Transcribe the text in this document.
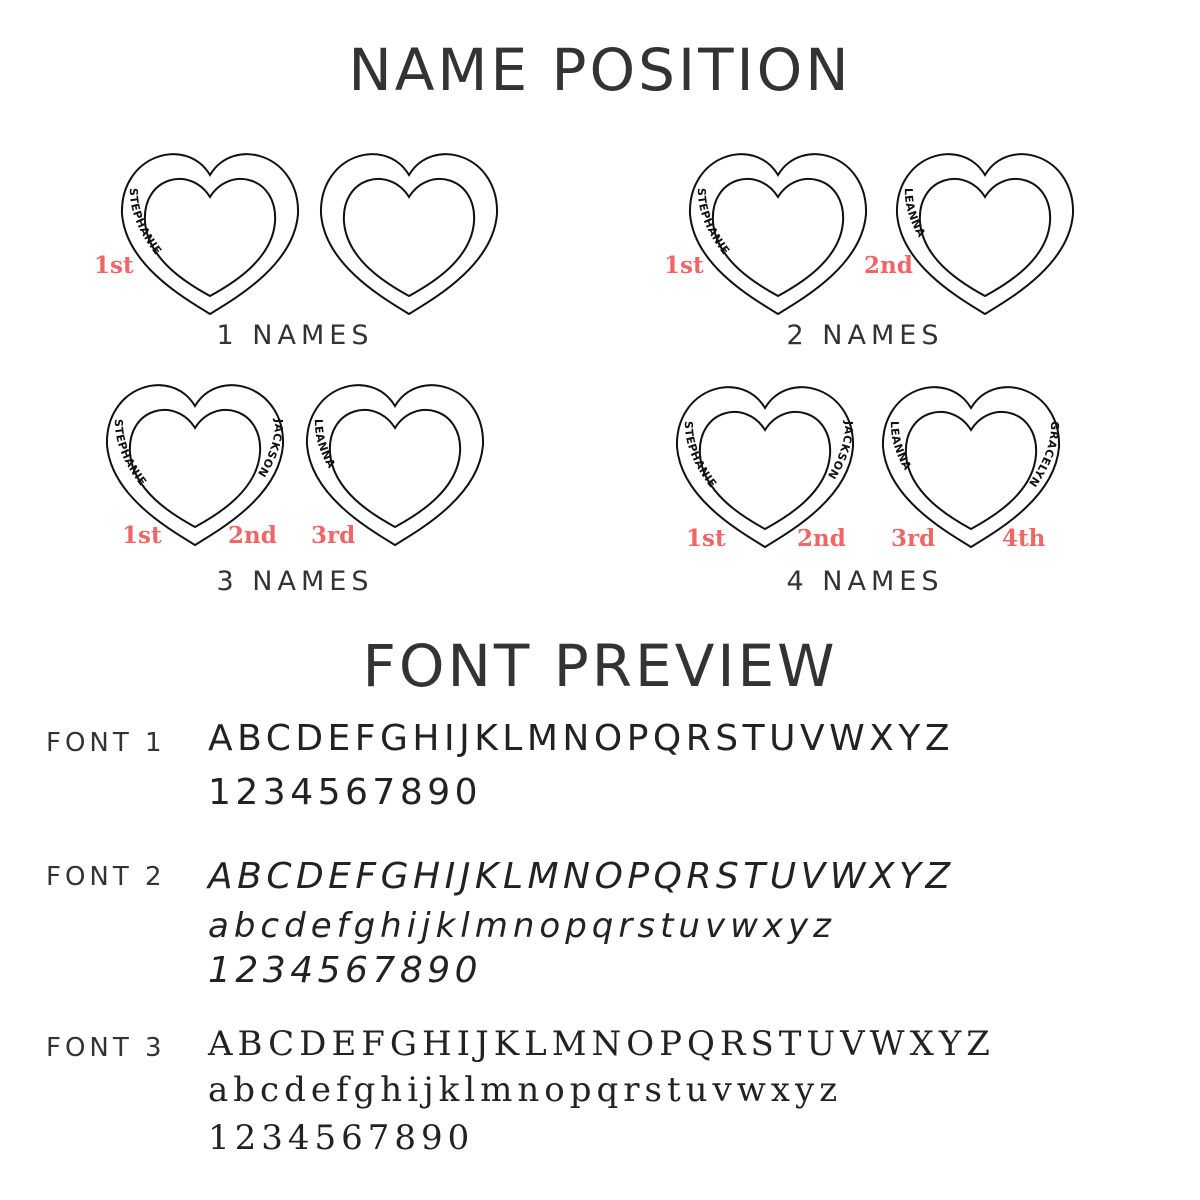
NAME POSITION
STEPHANIE
STEPHANIE
LEANNA
STEPHANIE
JACKSON
LEANNA
STEPHANIE
JACKSON
LEANNA
GRACELYN
1st	1st	2nd
1st	2nd 3rd	1st	2nd 3rd	4th
1 NAMES	2 NAMES
3 NAMES	4 NAMES
FONT PREVIEW
FONT 1 ABCDEFGHIJKLMNOPQRSTUVWXYZ
1234567890
FONT 2 ABCDEFGHIJKLMNOPQRSTUVWXYZ
abcdefghijklmnopqrstuvwxyz
1234567890
FONT 3 ABCDEFGHIJKLMNOPQRSTUVWXYZ
abcdefghijklmnopqrstuvwxyz
1234567890
